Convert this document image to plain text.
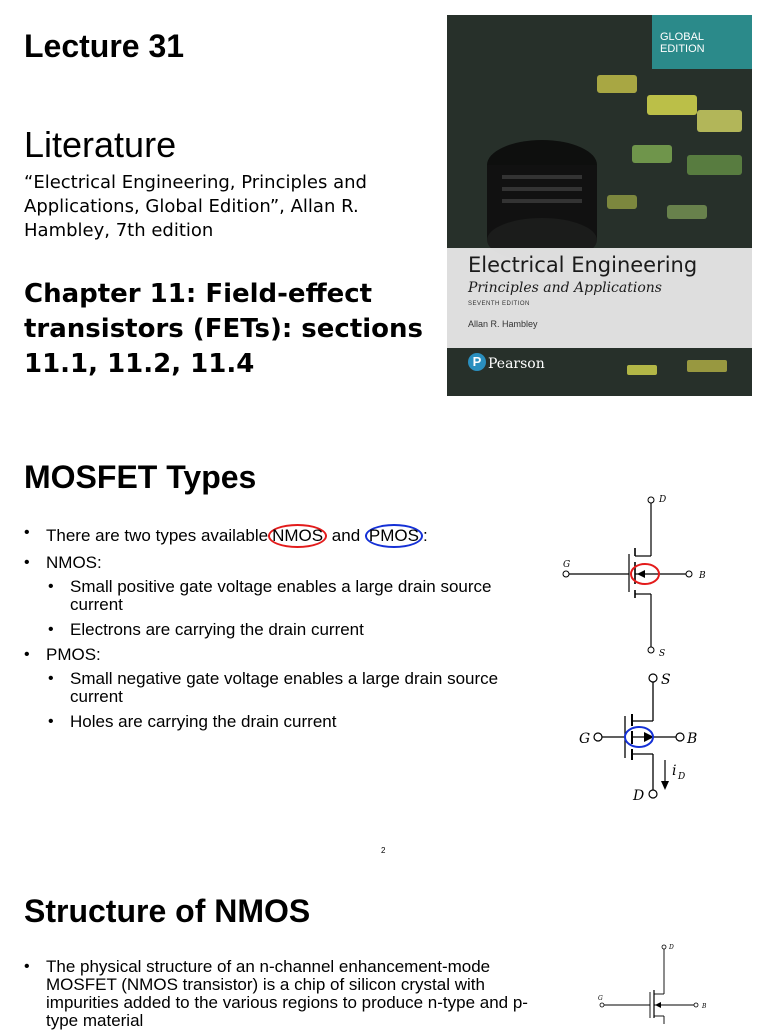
Lecture 31
Literature
“Electrical Engineering, Principles and Applications, Global Edition”, Allan R. Hambley, 7th edition
Chapter 11: Field-effect transistors (FETs): sections 11.1, 11.2, 11.4
GLOBAL
EDITION
Electrical Engineering
Principles and Applications
SEVENTH EDITION
Allan R. Hambley
P Pearson
MOSFET Types
• There are two types available NMOS and PMOS :
• NMOS:
• Small positive gate voltage enables a large drain source current
• Electrons are carrying the drain current
• PMOS:
• Small negative gate voltage enables a large drain source current
• Holes are carrying the drain current
D
G
B
S
S
G	B
D
i D
2
Structure of NMOS
• The physical structure of an n-channel enhancement-mode MOSFET (NMOS transistor) is a chip of silicon crystal with impurities added to the various regions to produce n-type and p-type material
D
G
B
